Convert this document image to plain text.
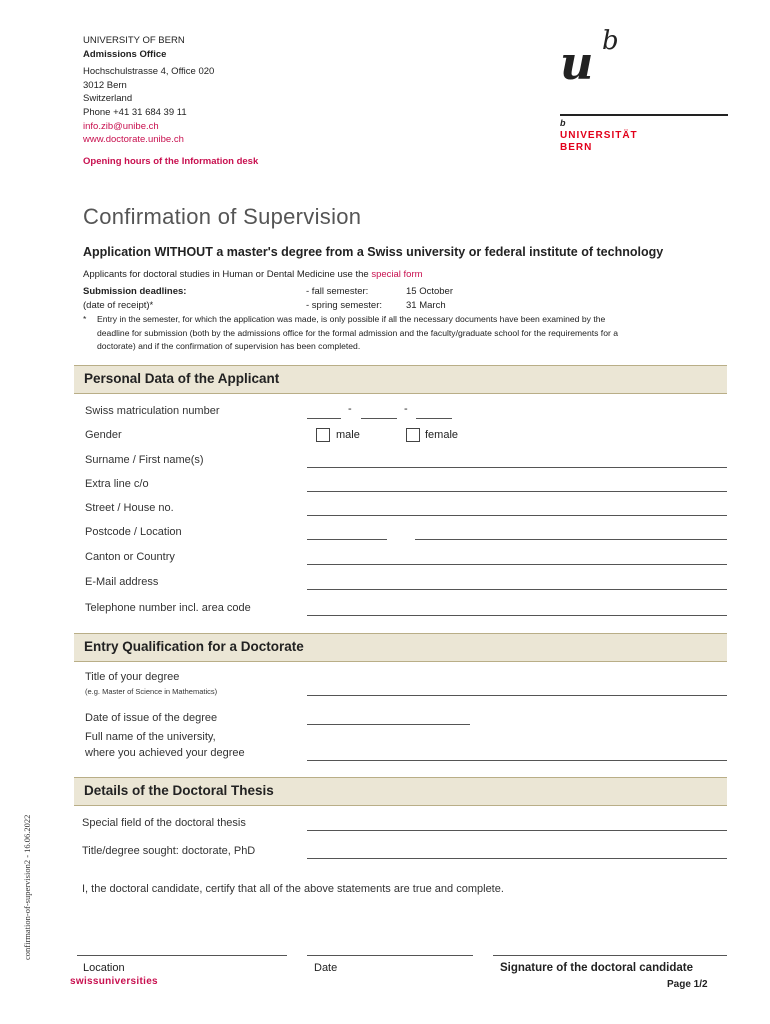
UNIVERSITY OF BERN
Admissions Office
Hochschulstrasse 4, Office 020
3012 Bern
Switzerland
Phone +41 31 684 39 11
info.zib@unibe.ch
www.doctorate.unibe.ch
Opening hours of the Information desk
u b
b
UNIVERSITÄT
BERN
Confirmation of Supervision
Application WITHOUT a master's degree from a Swiss university or federal institute of technology
Applicants for doctoral studies in Human or Dental Medicine use the special form
Submission deadlines:
(date of receipt)*
- fall semester:	15 October
- spring semester:	31 March
* Entry in the semester, for which the application was made, is only possible if all the necessary documents have been examined by the
deadline for submission (both by the admissions office for the formal admission and the faculty/graduate school for the requirements for a
doctorate) and if the confirmation of supervision has been completed.
Personal Data of the Applicant
Swiss matriculation number	-	-
Gender	male	female
Surname / First name(s)
Extra line c/o
Street / House no.
Postcode / Location
Canton or Country
E-Mail address
Telephone number incl. area code
Entry Qualification for a Doctorate
Title of your degree
(e.g. Master of Science in Mathematics)
Date of issue of the degree
Full name of the university,
where you achieved your degree
Details of the Doctoral Thesis
Special field of the doctoral thesis
Title/degree sought: doctorate, PhD
I, the doctoral candidate, certify that all of the above statements are true and complete.
Location	Date	Signature of the doctoral candidate
swissuniversities	Page 1/2
confirmation-of-supervision2 - 16.06.2022
